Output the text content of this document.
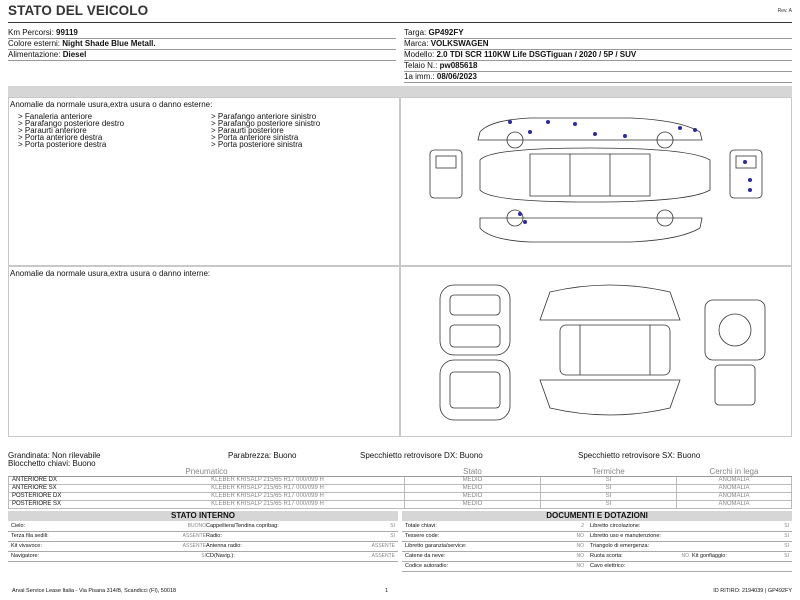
STATO DEL VEICOLO	Rev. A
Km Percorsi: 99119
Colore esterni: Night Shade Blue Metall.
Alimentazione: Diesel
Targa: GP492FY
Marca: VOLKSWAGEN
Modello: 2.0 TDI SCR 110KW Life DSGTiguan / 2020 / 5P / SUV
Telaio N.: pw085618
1a imm.: 08/06/2023
Anomalie da normale usura,extra usura o danno esterne:
> Fanaleria anteriore
> Parafango posteriore destro
> Paraurti anteriore
> Porta anteriore destra
> Porta posteriore destra
> Parafango anteriore sinistro
> Parafango posteriore sinistro
> Paraurti posteriore
> Porta anteriore sinistra
> Porta posteriore sinistra
Anomalie da normale usura,extra usura o danno interne:
Grandinata: Non rilevabile	Parabrezza: Buono	Specchietto retrovisore DX: Buono	Specchietto retrovisore SX: Buono
Blocchetto chiavi: Buono
Pneumatico	Stato	Termiche	Cerchi in lega
ANTERIORE DX KLEBER KRISALP 215/65 R17 000/099 H	MEDIO	SI	ANOMALIA
ANTERIORE SX KLEBER KRISALP 215/65 R17 000/099 H	MEDIO	SI	ANOMALIA
POSTERIORE DX KLEBER KRISALP 215/65 R17 000/099 H	MEDIO	SI	ANOMALIA
POSTERIORE SX KLEBER KRISALP 215/65 R17 000/099 H	MEDIO	SI	ANOMALIA
STATO INTERNO
Cielo:	BUONO Cappelliera/Tendina copribag:	SI
Terza fila sedili:	ASSENTE Radio:	SI
Kit vivavoce:	ASSENTE Antenna radio:	ASSENTE
Navigatore:	SI CD(Navig.):	ASSENTE
DOCUMENTI E DOTAZIONI
Totale chiavi:	2 Libretto circolazione:	SI
Tessere code:	NO Libretto uso e manutenzione:	SI
Libretto garanzia/service:	NO Triangolo di emergenza:	SI
Catene da neve:	NO Ruota scorta:	NO Kit gonfiaggio:	SI
Codice autoradio:	NO Cavo elettrico:
Arval Service Lease Italia - Via Pisana 314/B, Scandicci (FI), 50018	1	ID RITIRO: 2194039 | GP492FY
